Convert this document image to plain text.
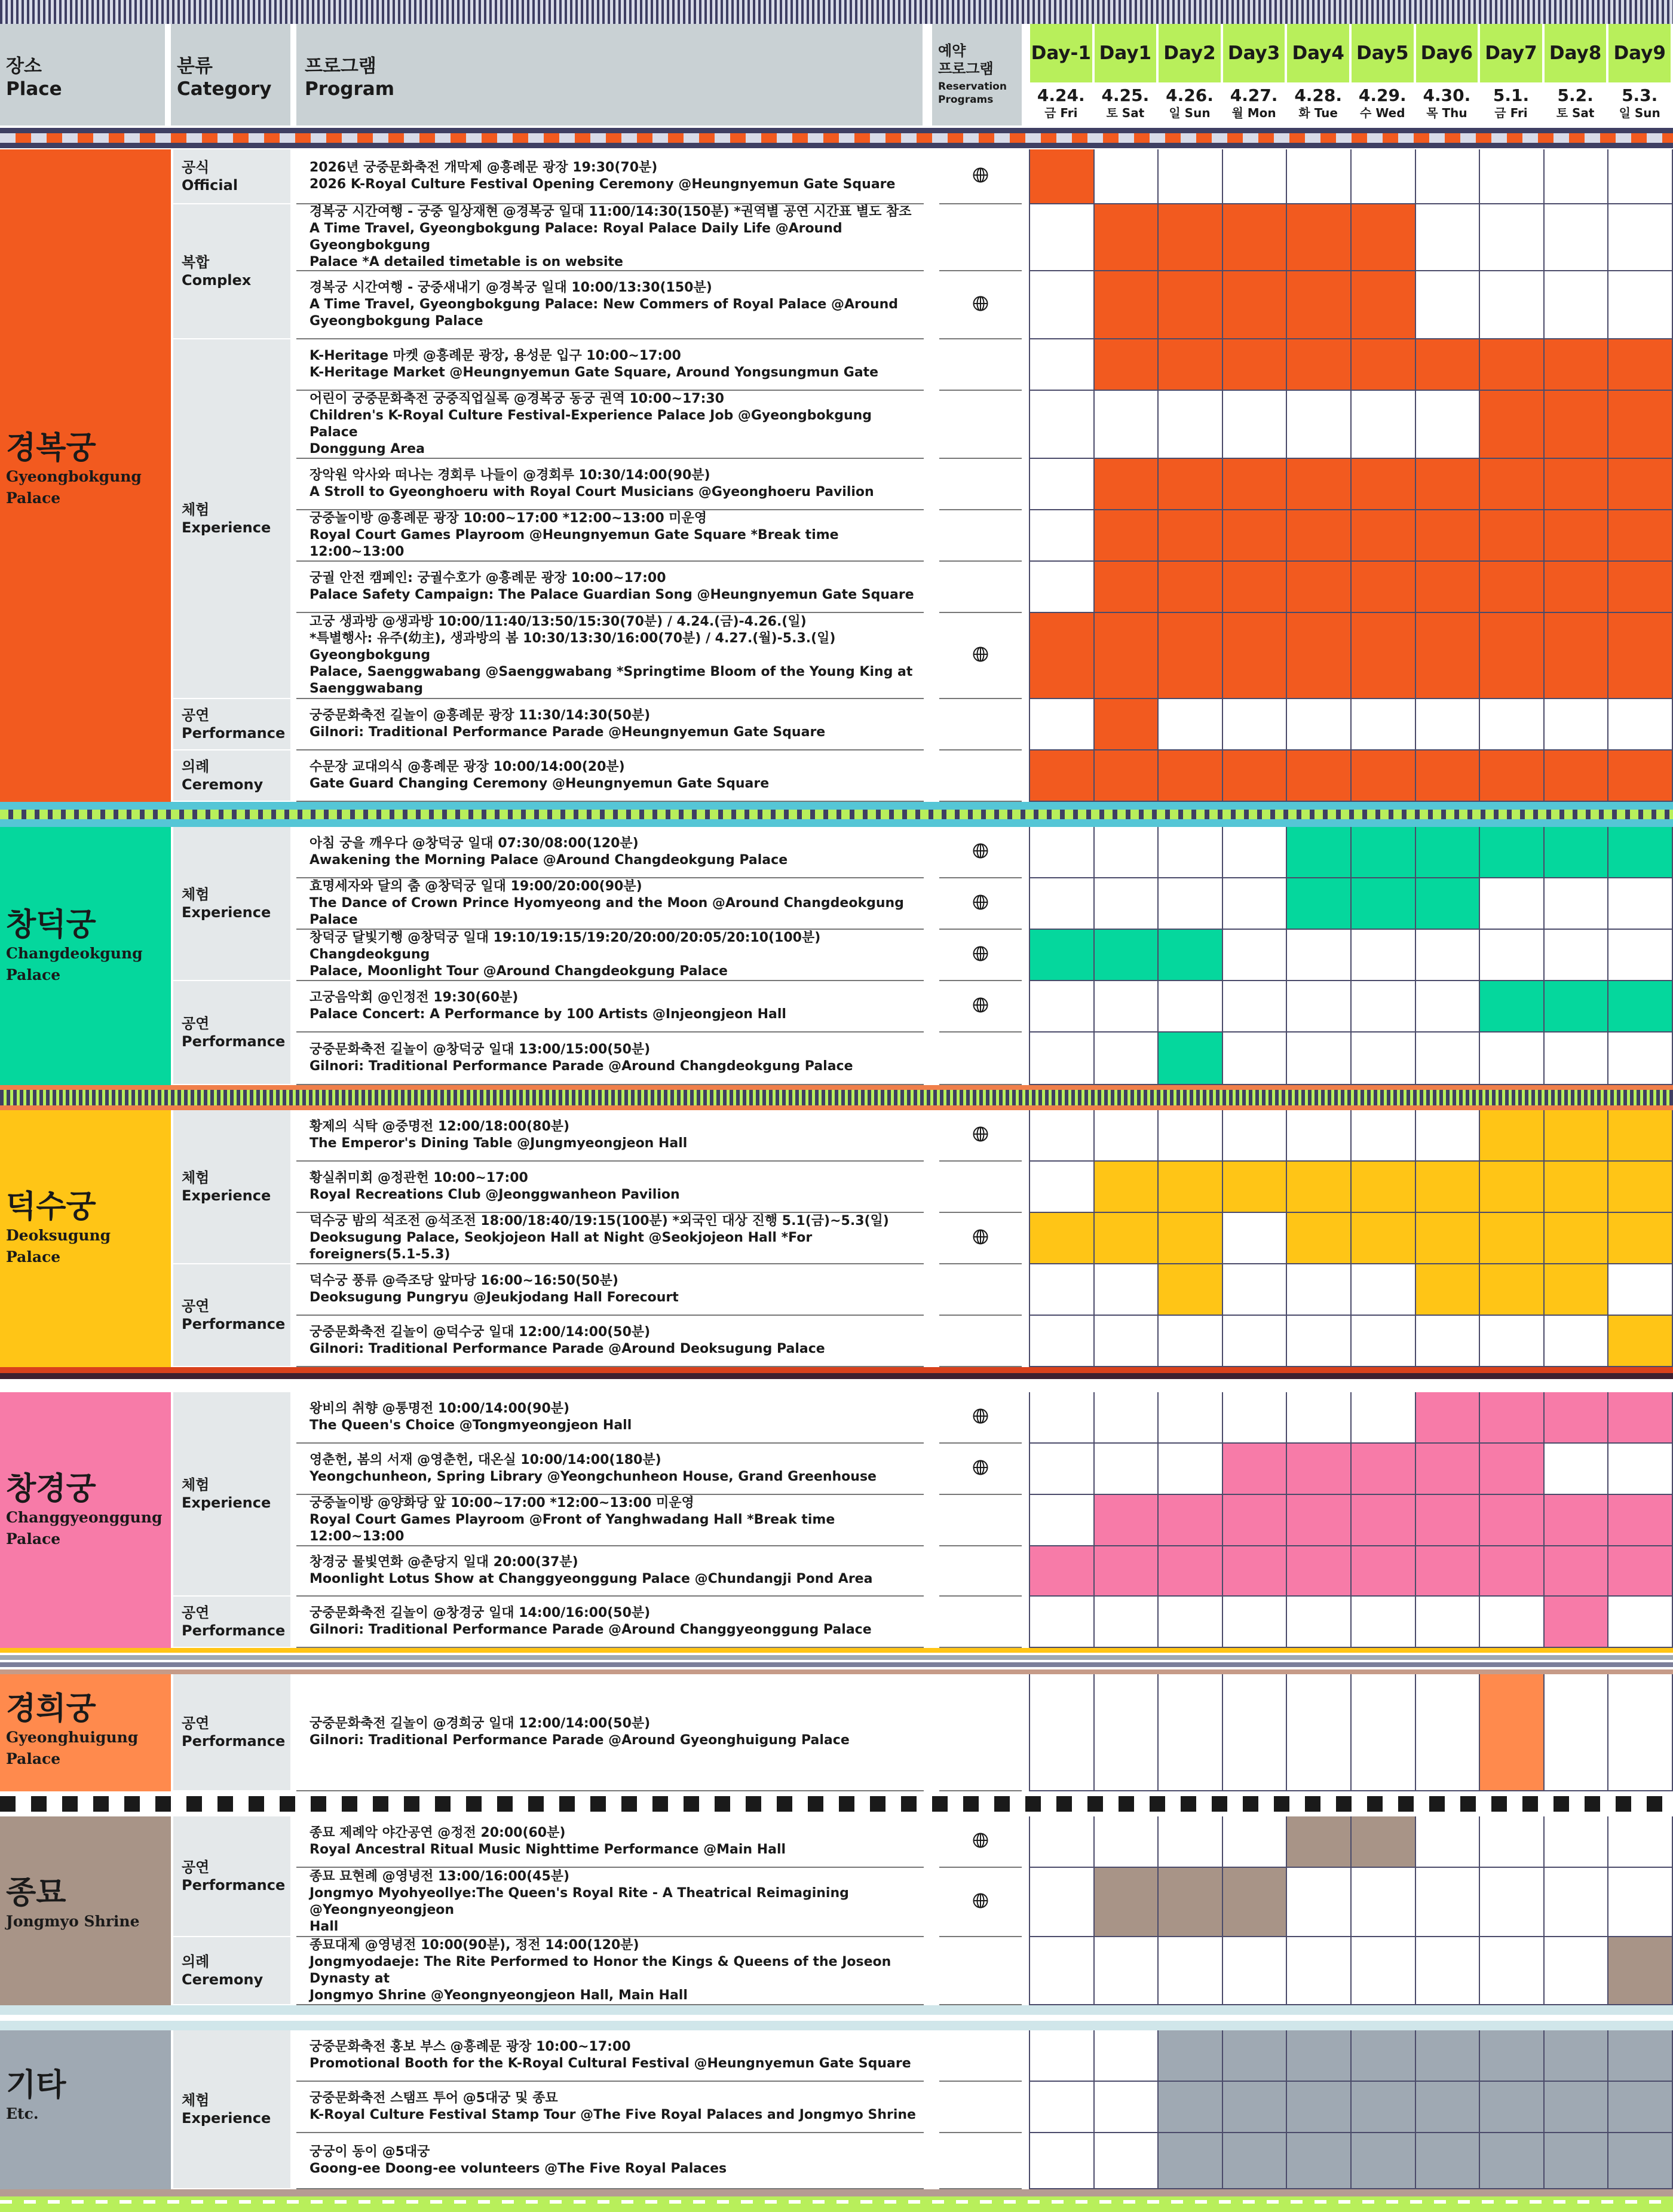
장소
Place
분류
Category
프로그램
Program
예약
프로그램
Reservation
Programs
Day-1
4.24.
금 Fri
Day1
4.25.
토 Sat
Day2
4.26.
일 Sun
Day3
4.27.
월 Mon
Day4
4.28.
화 Tue
Day5
4.29.
수 Wed
Day6
4.30.
목 Thu
Day7
5.1.
금 Fri
Day8
5.2.
토 Sat
Day9
5.3.
일 Sun
경복궁
Gyeongbokgung
Palace
공식
Official
복합
Complex
체험
Experience
공연
Performance
의례
Ceremony
2026년 궁중문화축전 개막제 @흥례문 광장 19:30(70분)
2026 K-Royal Culture Festival Opening Ceremony @Heungnyemun Gate Square
경복궁 시간여행 - 궁중 일상재현 @경복궁 일대 11:00/14:30(150분) *권역별 공연 시간표 별도 참조
A Time Travel, Gyeongbokgung Palace: Royal Palace Daily Life @Around Gyeongbokgung
Palace *A detailed timetable is on website
경복궁 시간여행 - 궁중새내기 @경복궁 일대 10:00/13:30(150분)
A Time Travel, Gyeongbokgung Palace: New Commers of Royal Palace @Around
Gyeongbokgung Palace
K-Heritage 마켓 @흥례문 광장, 용성문 입구 10:00~17:00
K-Heritage Market @Heungnyemun Gate Square, Around Yongsungmun Gate
어린이 궁중문화축전 궁중직업실록 @경복궁 동궁 권역 10:00~17:30
Children's K-Royal Culture Festival-Experience Palace Job @Gyeongbokgung Palace
Donggung Area
장악원 악사와 떠나는 경회루 나들이 @경회루 10:30/14:00(90분)
A Stroll to Gyeonghoeru with Royal Court Musicians @Gyeonghoeru Pavilion
궁중놀이방 @흥례문 광장 10:00~17:00 *12:00~13:00 미운영
Royal Court Games Playroom @Heungnyemun Gate Square *Break time 12:00~13:00
궁궐 안전 캠페인: 궁궐수호가 @흥례문 광장 10:00~17:00
Palace Safety Campaign: The Palace Guardian Song @Heungnyemun Gate Square
고궁 생과방 @생과방 10:00/11:40/13:50/15:30(70분) / 4.24.(금)-4.26.(일)
*특별행사: 유주(幼主), 생과방의 봄 10:30/13:30/16:00(70분) / 4.27.(월)-5.3.(일) Gyeongbokgung
Palace, Saenggwabang @Saenggwabang *Springtime Bloom of the Young King at
Saenggwabang
궁중문화축전 길놀이 @흥례문 광장 11:30/14:30(50분)
Gilnori: Traditional Performance Parade @Heungnyemun Gate Square
수문장 교대의식 @흥례문 광장 10:00/14:00(20분)
Gate Guard Changing Ceremony @Heungnyemun Gate Square
창덕궁
Changdeokgung
Palace
체험
Experience
공연
Performance
아침 궁을 깨우다 @창덕궁 일대 07:30/08:00(120분)
Awakening the Morning Palace @Around Changdeokgung Palace
효명세자와 달의 춤 @창덕궁 일대 19:00/20:00(90분)
The Dance of Crown Prince Hyomyeong and the Moon @Around Changdeokgung Palace
창덕궁 달빛기행 @창덕궁 일대 19:10/19:15/19:20/20:00/20:05/20:10(100분) Changdeokgung
Palace, Moonlight Tour @Around Changdeokgung Palace
고궁음악회 @인정전 19:30(60분)
Palace Concert: A Performance by 100 Artists @Injeongjeon Hall
궁중문화축전 길놀이 @창덕궁 일대 13:00/15:00(50분)
Gilnori: Traditional Performance Parade @Around Changdeokgung Palace
덕수궁
Deoksugung
Palace
체험
Experience
공연
Performance
황제의 식탁 @중명전 12:00/18:00(80분)
The Emperor's Dining Table @Jungmyeongjeon Hall
황실취미회 @정관헌 10:00~17:00
Royal Recreations Club @Jeonggwanheon Pavilion
덕수궁 밤의 석조전 @석조전 18:00/18:40/19:15(100분) *외국인 대상 진행 5.1(금)~5.3(일)
Deoksugung Palace, Seokjojeon Hall at Night @Seokjojeon Hall *For foreigners(5.1-5.3)
덕수궁 풍류 @즉조당 앞마당 16:00~16:50(50분)
Deoksugung Pungryu @Jeukjodang Hall Forecourt
궁중문화축전 길놀이 @덕수궁 일대 12:00/14:00(50분)
Gilnori: Traditional Performance Parade @Around Deoksugung Palace
창경궁
Changgyeonggung
Palace
체험
Experience
공연
Performance
왕비의 취향 @통명전 10:00/14:00(90분)
The Queen's Choice @Tongmyeongjeon Hall
영춘헌, 봄의 서재 @영춘헌, 대온실 10:00/14:00(180분)
Yeongchunheon, Spring Library @Yeongchunheon House, Grand Greenhouse
궁중놀이방 @양화당 앞 10:00~17:00 *12:00~13:00 미운영
Royal Court Games Playroom @Front of Yanghwadang Hall *Break time 12:00~13:00
창경궁 물빛연화 @춘당지 일대 20:00(37분)
Moonlight Lotus Show at Changgyeonggung Palace @Chundangji Pond Area
궁중문화축전 길놀이 @창경궁 일대 14:00/16:00(50분)
Gilnori: Traditional Performance Parade @Around Changgyeonggung Palace
경희궁
Gyeonghuigung
Palace
공연
Performance
궁중문화축전 길놀이 @경희궁 일대 12:00/14:00(50분)
Gilnori: Traditional Performance Parade @Around Gyeonghuigung Palace
종묘
Jongmyo Shrine
공연
Performance
의례
Ceremony
종묘 제례악 야간공연 @정전 20:00(60분)
Royal Ancestral Ritual Music Nighttime Performance @Main Hall
종묘 묘현례 @영녕전 13:00/16:00(45분)
Jongmyo Myohyeollye:The Queen's Royal Rite - A Theatrical Reimagining @Yeongnyeongjeon
Hall
종묘대제 @영녕전 10:00(90분), 정전 14:00(120분)
Jongmyodaeje: The Rite Performed to Honor the Kings & Queens of the Joseon Dynasty at
Jongmyo Shrine @Yeongnyeongjeon Hall, Main Hall
기타
Etc.
체험
Experience
궁중문화축전 홍보 부스 @흥례문 광장 10:00~17:00
Promotional Booth for the K-Royal Cultural Festival @Heungnyemun Gate Square
궁중문화축전 스탬프 투어 @5대궁 및 종묘
K-Royal Culture Festival Stamp Tour @The Five Royal Palaces and Jongmyo Shrine
궁궁이 동이 @5대궁
Goong-ee Doong-ee volunteers @The Five Royal Palaces
